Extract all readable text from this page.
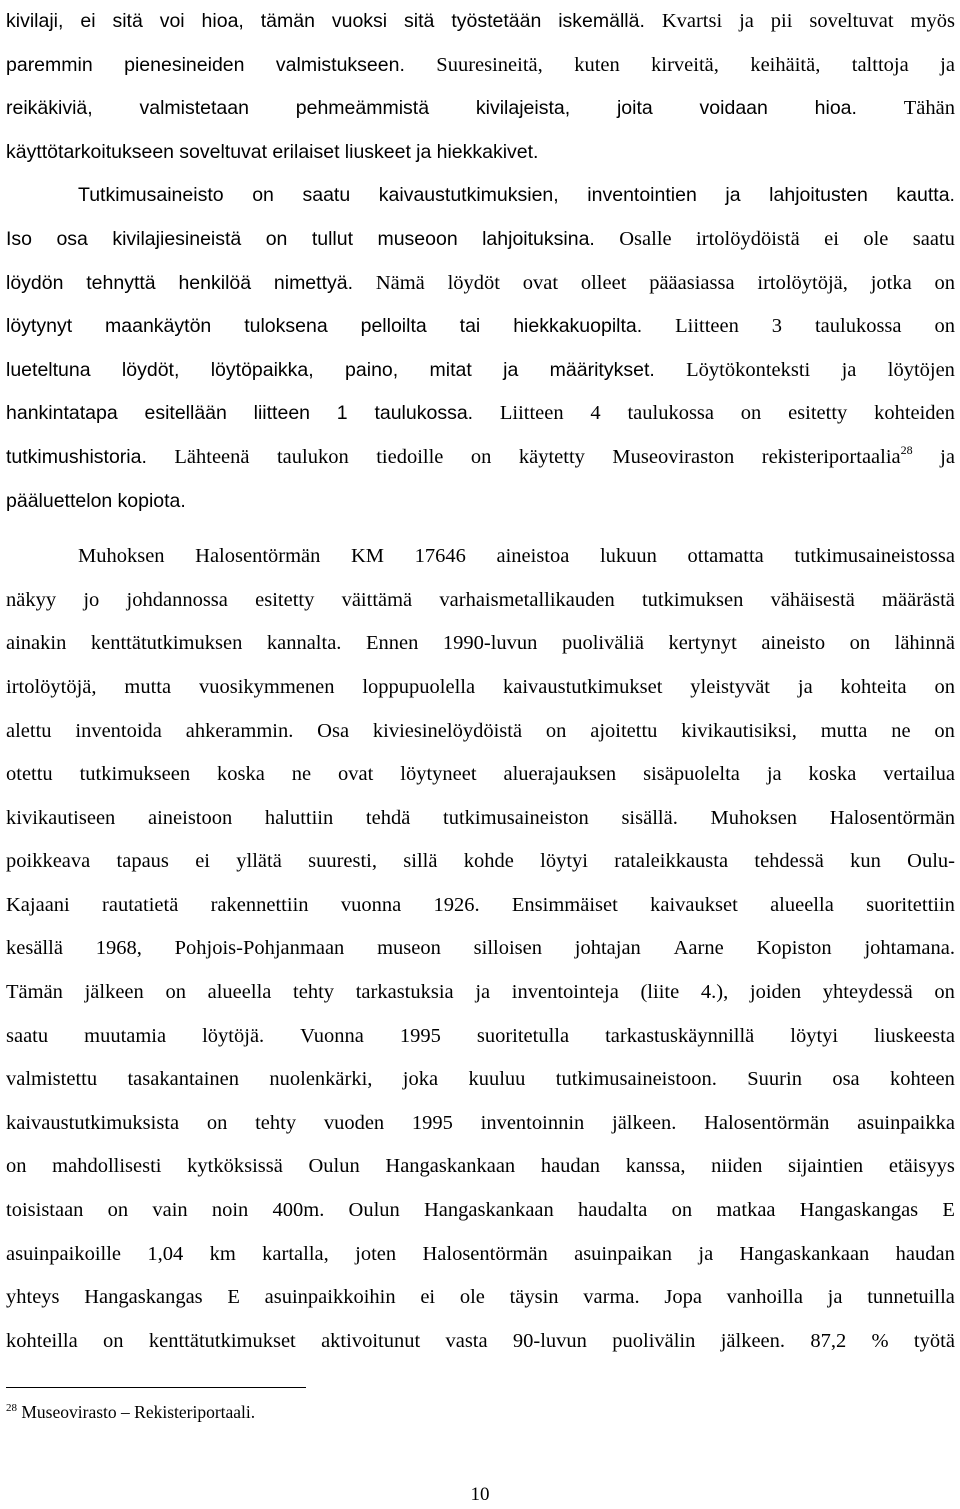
kivilaji, ei sitä voi hioa, tämän vuoksi sitä työstetään iskemällä. Kvartsi ja pii soveltuvat myös
paremmin pienesineiden valmistukseen. Suuresineitä, kuten kirveitä, keihäitä, talttoja ja
reikäkiviä, valmistetaan pehmeämmistä kivilajeista, joita voidaan hioa. Tähän
käyttötarkoitukseen soveltuvat erilaiset liuskeet ja hiekkakivet.
Tutkimusaineisto on saatu kaivaustutkimuksien, inventointien ja lahjoitusten kautta.
Iso osa kivilajiesineistä on tullut museoon lahjoituksina. Osalle irtolöydöistä ei ole saatu
löydön tehnyttä henkilöä nimettyä. Nämä löydöt ovat olleet pääasiassa irtolöytöjä, jotka on
löytynyt maankäytön tuloksena pelloilta tai hiekkakuopilta. Liitteen 3 taulukossa on
lueteltuna löydöt, löytöpaikka, paino, mitat ja määritykset. Löytökonteksti ja löytöjen
hankintatapa esitellään liitteen 1 taulukossa. Liitteen 4 taulukossa on esitetty kohteiden
tutkimushistoria. Lähteenä taulukon tiedoille on käytetty Museoviraston rekisteriportaalia$^{28}$ ja
pääluettelon kopiota.
Muhoksen Halosentörmän KM 17646 aineistoa lukuun ottamatta tutkimusaineistossa
näkyy jo johdannossa esitetty väittämä varhaismetallikauden tutkimuksen vähäisestä määrästä
ainakin kenttätutkimuksen kannalta. Ennen 1990-luvun puoliväliä kertynyt aineisto on lähinnä
irtolöytöjä, mutta vuosikymmenen loppupuolella kaivaustutkimukset yleistyvät ja kohteita on
alettu inventoida ahkerammin. Osa kiviesinelöydöistä on ajoitettu kivikautisiksi, mutta ne on
otettu tutkimukseen koska ne ovat löytyneet aluerajauksen sisäpuolelta ja koska vertailua
kivikautiseen aineistoon haluttiin tehdä tutkimusaineiston sisällä. Muhoksen Halosentörmän
poikkeava tapaus ei yllätä suuresti, sillä kohde löytyi rataleikkausta tehdessä kun Oulu-
Kajaani rautatietä rakennettiin vuonna 1926. Ensimmäiset kaivaukset alueella suoritettiin
kesällä 1968, Pohjois-Pohjanmaan museon silloisen johtajan Aarne Kopiston johtamana.
Tämän jälkeen on alueella tehty tarkastuksia ja inventointeja (liite 4.), joiden yhteydessä on
saatu muutamia löytöjä. Vuonna 1995 suoritetulla tarkastuskäynnillä löytyi liuskeesta
valmistettu tasakantainen nuolenkärki, joka kuuluu tutkimusaineistoon. Suurin osa kohteen
kaivaustutkimuksista on tehty vuoden 1995 inventoinnin jälkeen. Halosentörmän asuinpaikka
on mahdollisesti kytköksissä Oulun Hangaskankaan haudan kanssa, niiden sijaintien etäisyys
toisistaan on vain noin 400m. Oulun Hangaskankaan haudalta on matkaa Hangaskangas E
asuinpaikoille 1,04 km kartalla, joten Halosentörmän asuinpaikan ja Hangaskankaan haudan
yhteys Hangaskangas E asuinpaikkoihin ei ole täysin varma. Jopa vanhoilla ja tunnetuilla
kohteilla on kenttätutkimukset aktivoitunut vasta 90-luvun puolivälin jälkeen. 87,2 % työtä
$^{28}$ Museovirasto – Rekisteriportaali.
10
